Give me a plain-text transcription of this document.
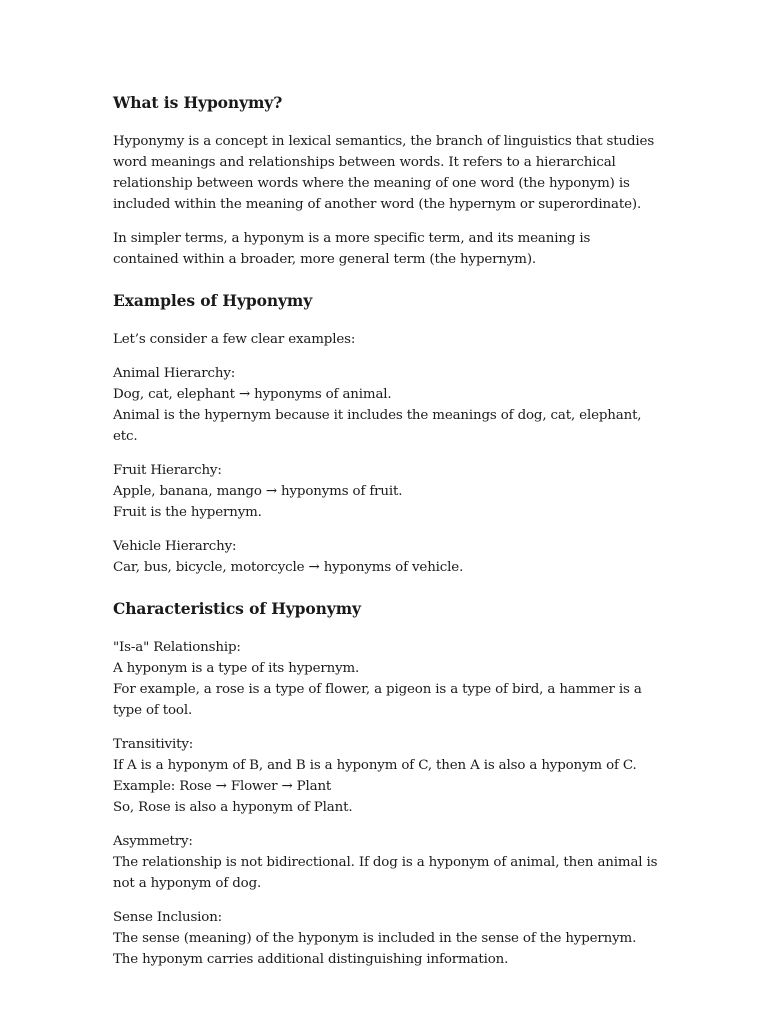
What is Hyponymy?

Hyponymy is a concept in lexical semantics, the branch of linguistics that studies word meanings and relationships between words. It refers to a hierarchical relationship between words where the meaning of one word (the hyponym) is included within the meaning of another word (the hypernym or superordinate).

In simpler terms, a hyponym is a more specific term, and its meaning is contained within a broader, more general term (the hypernym).

Examples of Hyponymy

Let’s consider a few clear examples:

Animal Hierarchy:
Dog, cat, elephant → hyponyms of animal.
Animal is the hypernym because it includes the meanings of dog, cat, elephant, etc.

Fruit Hierarchy:
Apple, banana, mango → hyponyms of fruit.
Fruit is the hypernym.

Vehicle Hierarchy:
Car, bus, bicycle, motorcycle → hyponyms of vehicle.

Characteristics of Hyponymy

"Is-a" Relationship:
A hyponym is a type of its hypernym.
For example, a rose is a type of flower, a pigeon is a type of bird, a hammer is a type of tool.

Transitivity:
If A is a hyponym of B, and B is a hyponym of C, then A is also a hyponym of C.
Example: Rose → Flower → Plant
So, Rose is also a hyponym of Plant.

Asymmetry:
The relationship is not bidirectional. If dog is a hyponym of animal, then animal is not a hyponym of dog.

Sense Inclusion:
The sense (meaning) of the hyponym is included in the sense of the hypernym. The hyponym carries additional distinguishing information.
